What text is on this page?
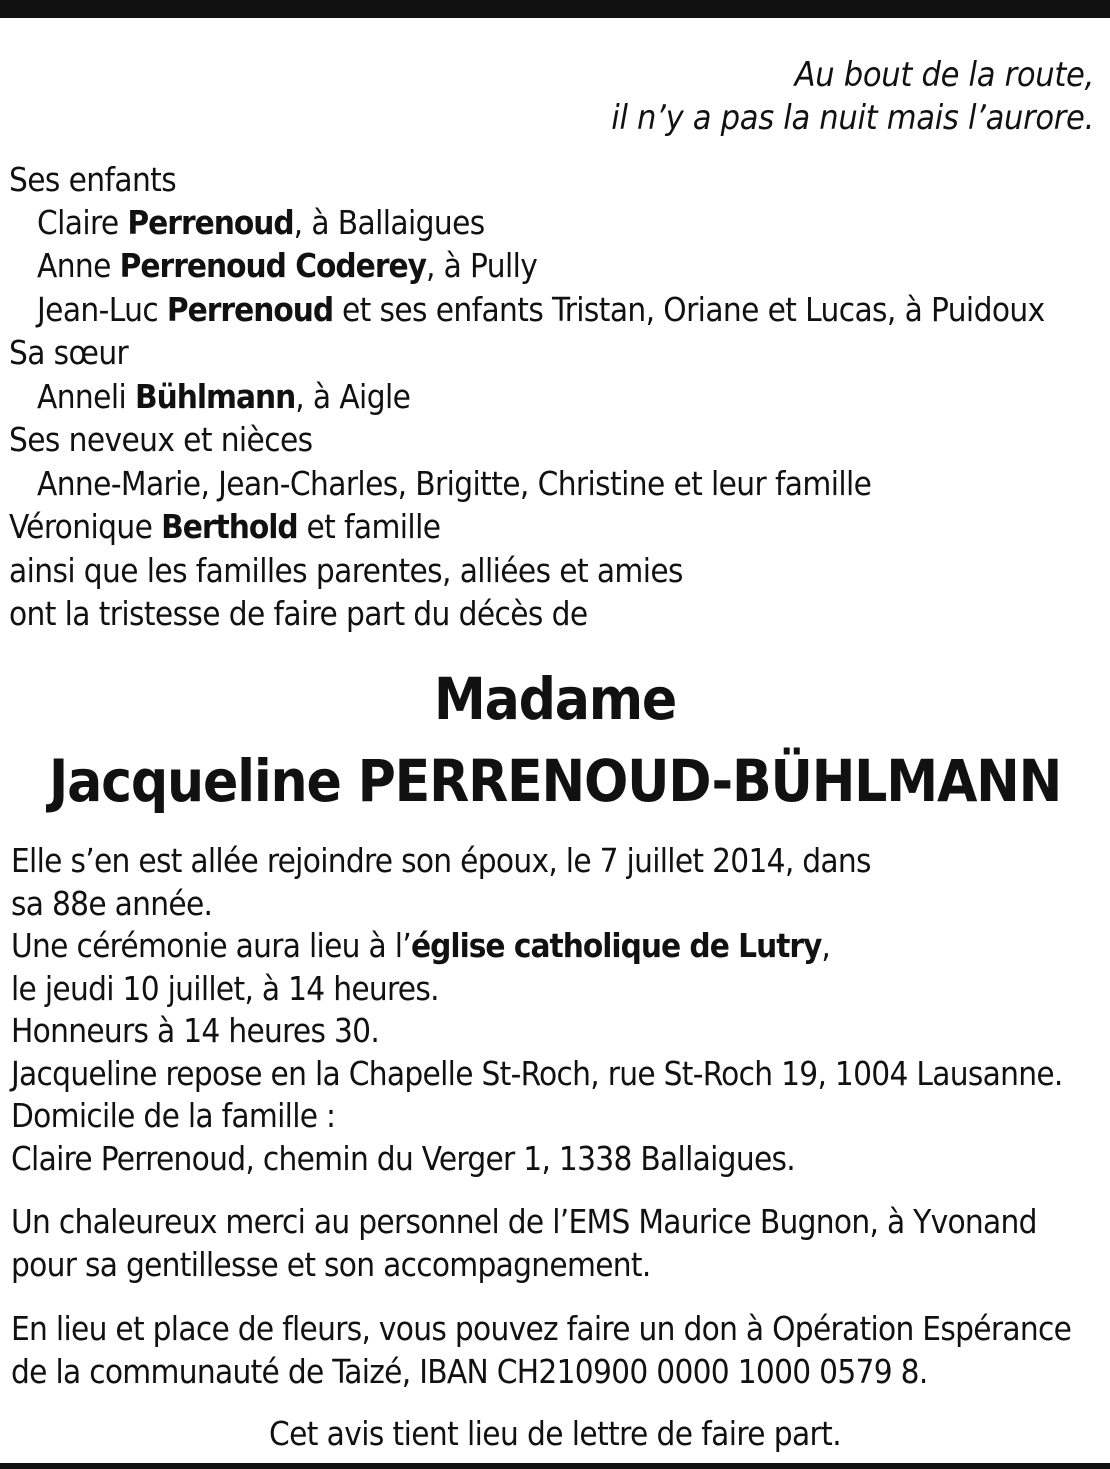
Au bout de la route,
il n’y a pas la nuit mais l’aurore.
Ses enfants
Claire Perrenoud, à Ballaigues
Anne Perrenoud Coderey, à Pully
Jean-Luc Perrenoud et ses enfants Tristan, Oriane et Lucas, à Puidoux
Sa sœur
Anneli Bühlmann, à Aigle
Ses neveux et nièces
Anne-Marie, Jean-Charles, Brigitte, Christine et leur famille
Véronique Berthold et famille
ainsi que les familles parentes, alliées et amies
ont la tristesse de faire part du décès de
Madame
Jacqueline PERRENOUD-BÜHLMANN
Elle s’en est allée rejoindre son époux, le 7 juillet 2014, dans
sa 88e année.
Une cérémonie aura lieu à l’église catholique de Lutry,
le jeudi 10 juillet, à 14 heures.
Honneurs à 14 heures 30.
Jacqueline repose en la Chapelle St-Roch, rue St-Roch 19, 1004 Lausanne.
Domicile de la famille :
Claire Perrenoud, chemin du Verger 1, 1338 Ballaigues.
Un chaleureux merci au personnel de l’EMS Maurice Bugnon, à Yvonand
pour sa gentillesse et son accompagnement.
En lieu et place de fleurs, vous pouvez faire un don à Opération Espérance
de la communauté de Taizé, IBAN CH210900 0000 1000 0579 8.
Cet avis tient lieu de lettre de faire part.
